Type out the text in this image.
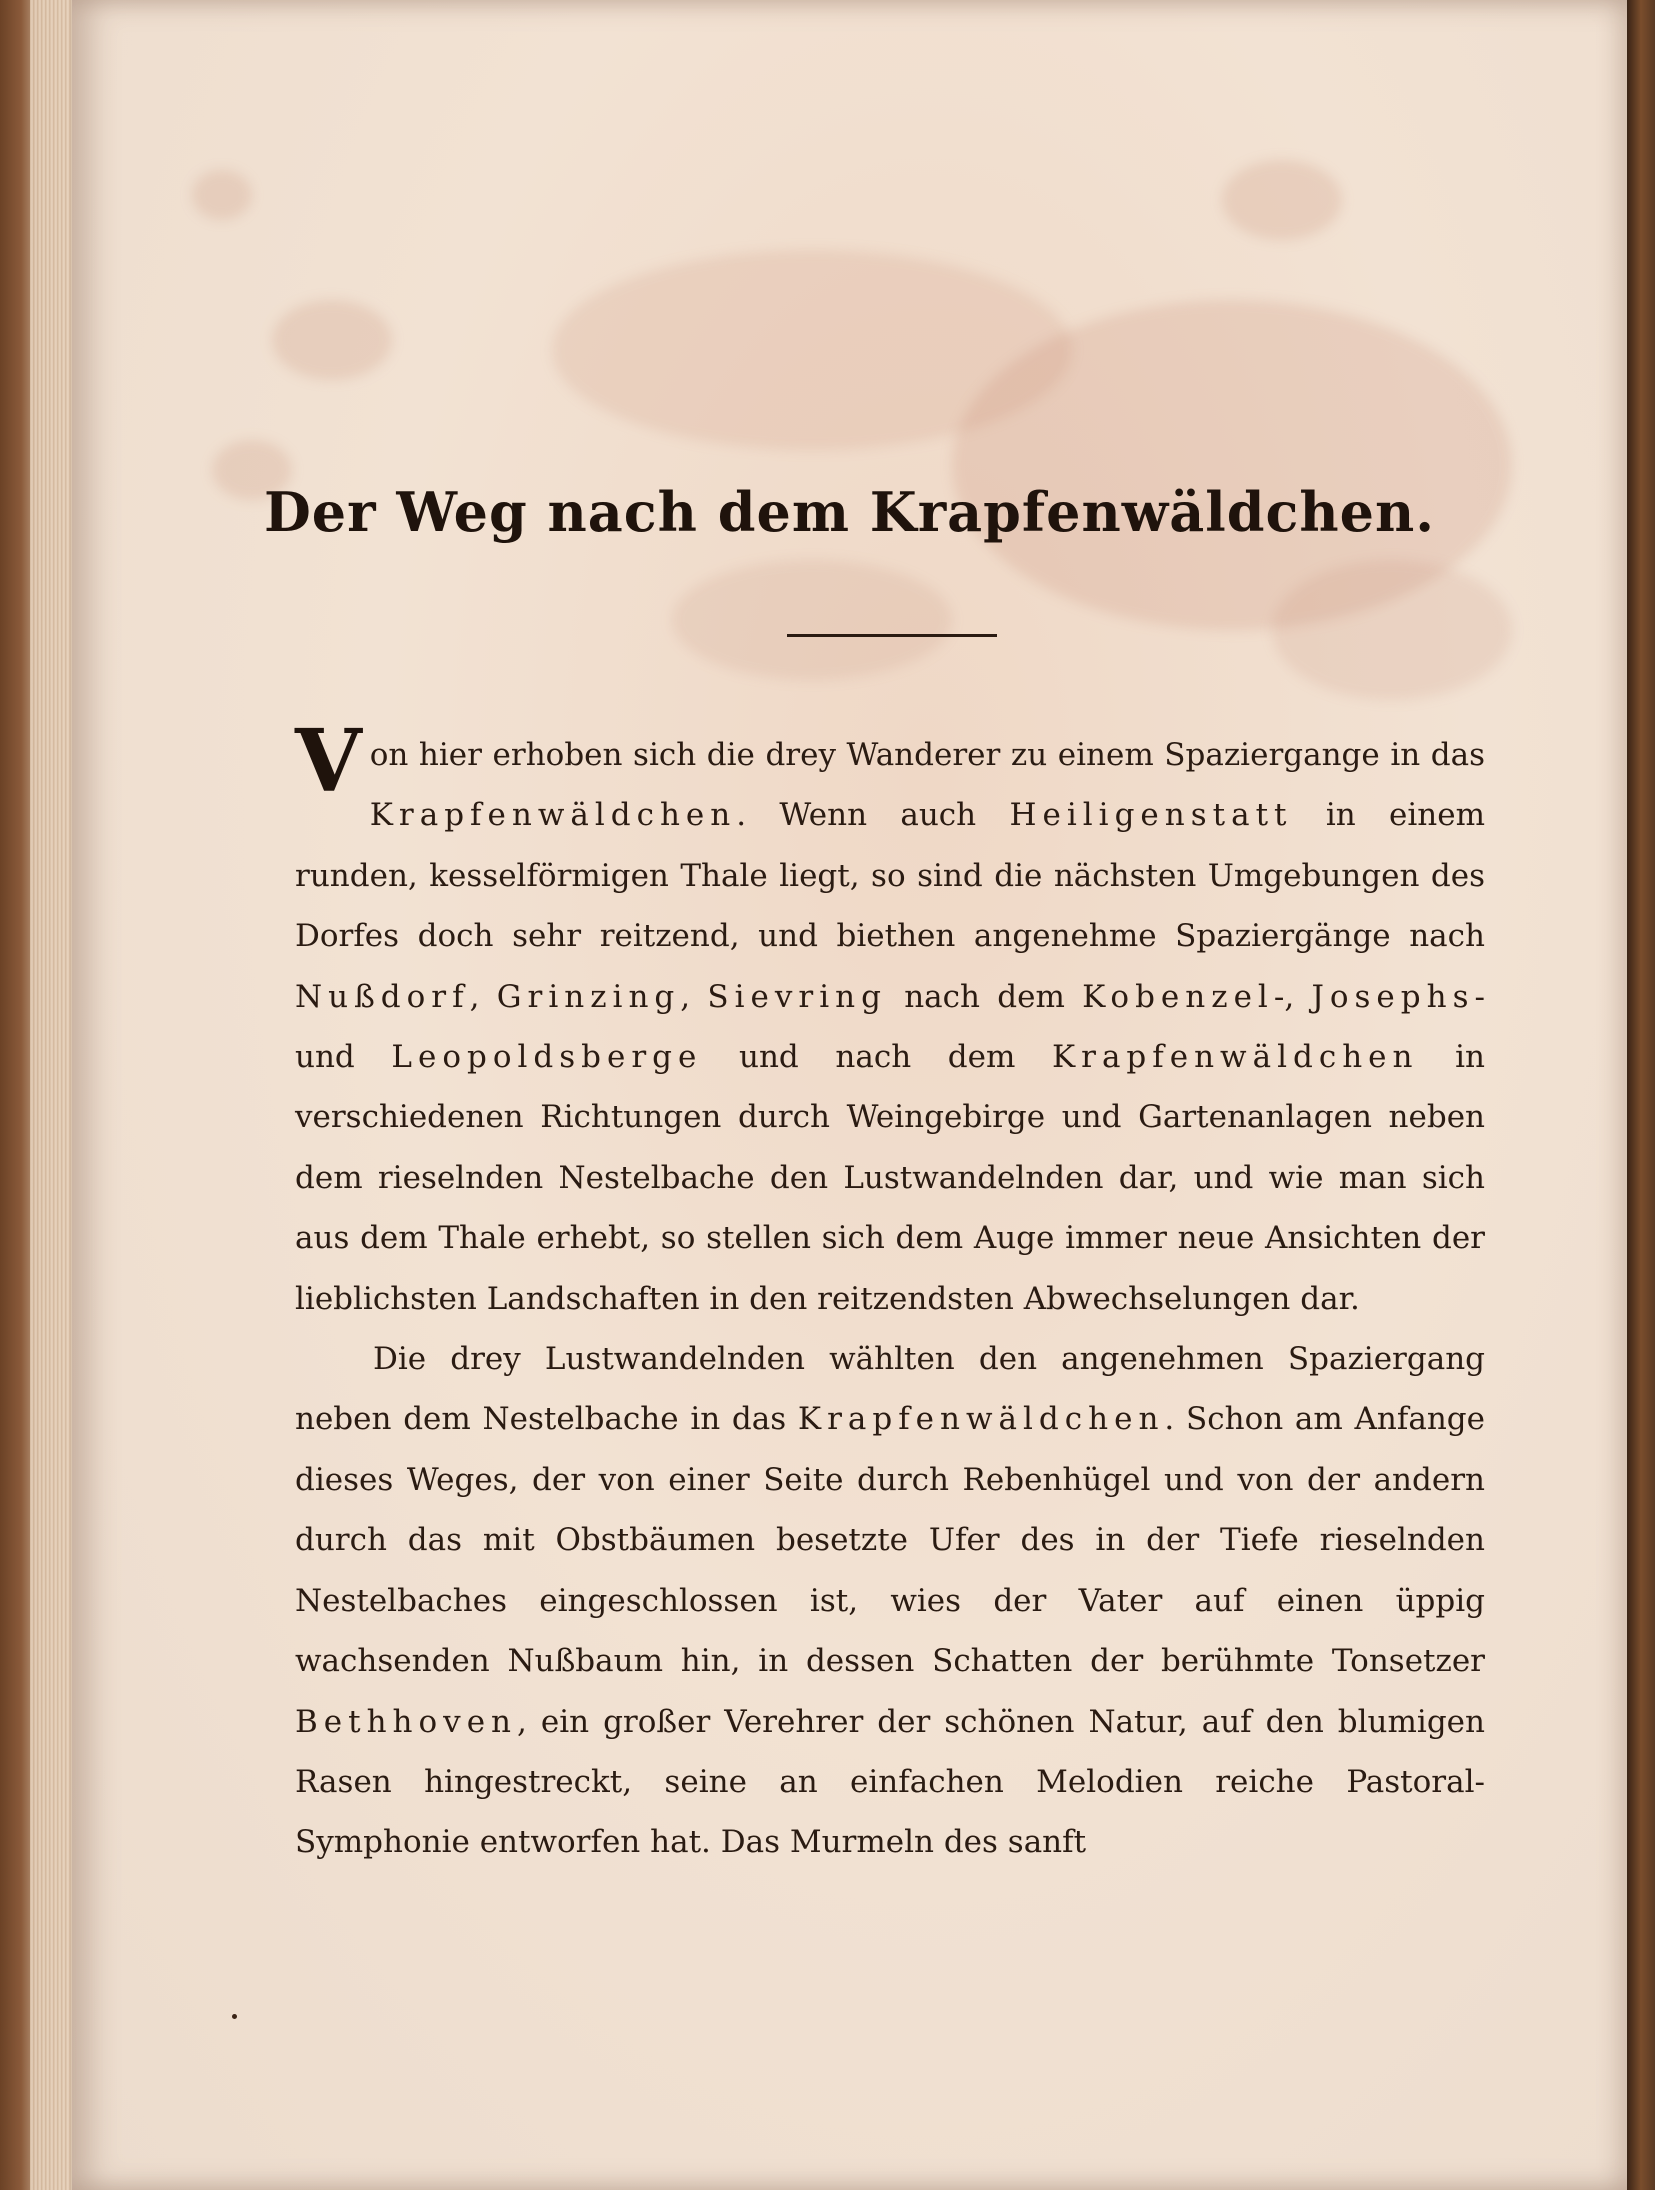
Der Weg nach dem Krapfenwäldchen.

Von hier erhoben sich die drey Wanderer zu einem Spaziergange in das Krapfenwäldchen. Wenn auch Heiligenstatt in einem runden, kesselförmigen Thale liegt, so sind die nächsten Umgebungen des Dorfes doch sehr reitzend, und biethen angenehme Spaziergänge nach Nußdorf, Grinzing, Sievring nach dem Kobenzel-, Josephs- und Leopoldsberge und nach dem Krapfenwäldchen in verschiedenen Richtungen durch Weingebirge und Gartenanlagen neben dem rieselnden Nestelbache den Lustwandelnden dar, und wie man sich aus dem Thale erhebt, so stellen sich dem Auge immer neue Ansichten der lieblichsten Landschaften in den reitzendsten Abwechselungen dar.

Die drey Lustwandelnden wählten den angenehmen Spaziergang neben dem Nestelbache in das Krapfenwäldchen. Schon am Anfange dieses Weges, der von einer Seite durch Rebenhügel und von der andern durch das mit Obstbäumen besetzte Ufer des in der Tiefe rieselnden Nestelbaches eingeschlossen ist, wies der Vater auf einen üppig wachsenden Nußbaum hin, in dessen Schatten der berühmte Tonsetzer Bethhoven, ein großer Verehrer der schönen Natur, auf den blumigen Rasen hingestreckt, seine an einfachen Melodien reiche Pastoral-Symphonie entworfen hat. Das Murmeln des sanft
